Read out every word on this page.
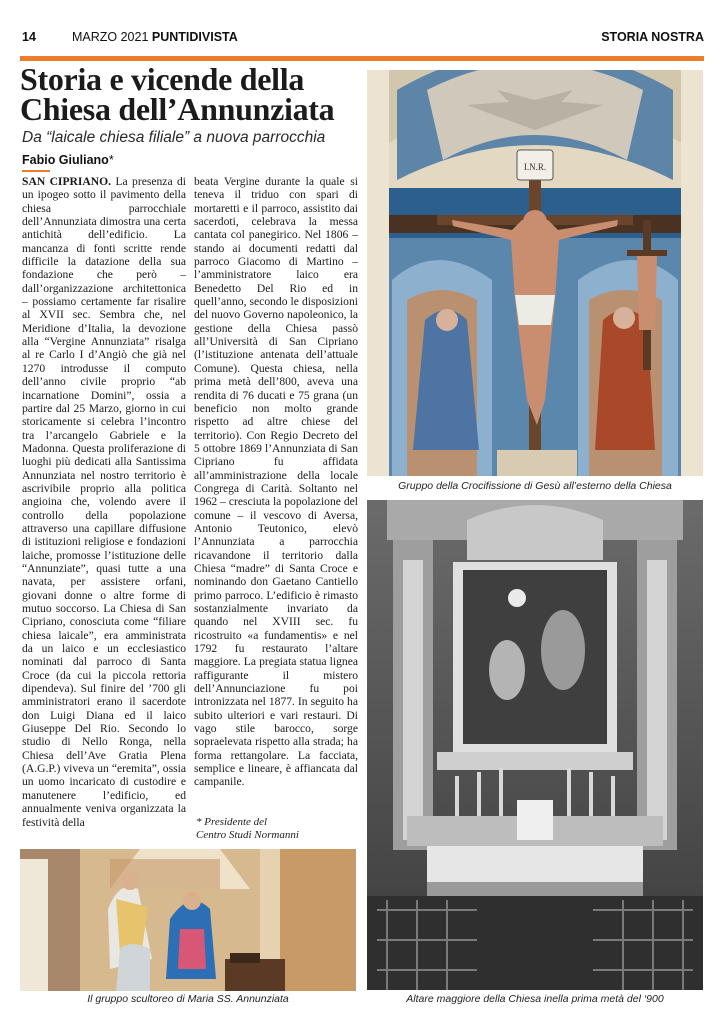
14	MARZO 2021 PUNTIDIVISTA	STORIA NOSTRA
Storia e vicende della
Chiesa dell’Annunziata
Da “laicale chiesa filiale” a nuova parrocchia
Fabio Giuliano*

SAN CIPRIANO. La presenza di un ipogeo sotto il pavimento della chiesa parrocchiale dell’Annunziata dimostra una certa antichità dell’edificio. La mancanza di fonti scritte rende difficile la datazione della sua fondazione che però – dall’organizzazione architettonica – possiamo certamente far risalire al XVII sec. Sembra che, nel Meridione d’Italia, la devozione alla “Vergine Annunziata” risalga al re Carlo I d’Angiò che già nel 1270 introdusse il computo dell’anno civile proprio “ab incarnatione Domini”, ossia a partire dal 25 Marzo, giorno in cui storicamente si celebra l’incontro tra l’arcangelo Gabriele e la Madonna. Questa proliferazione di luoghi più dedicati alla Santissima Annunziata nel nostro territorio è ascrivibile proprio alla politica angioina che, volendo avere il controllo della popolazione attraverso una capillare diffusione di istituzioni religiose e fondazioni laiche, promosse l’istituzione delle “Annunziate”, quasi tutte a una navata, per assistere orfani, giovani donne o altre forme di mutuo soccorso. La Chiesa di San Cipriano, conosciuta come “filiare chiesa laicale”, era amministrata da un laico e un ecclesiastico nominati dal parroco di Santa Croce (da cui la piccola rettoria dipendeva). Sul finire del ’700 gli amministratori erano il sacerdote don Luigi Diana ed il laico Giuseppe Del Rio. Secondo lo studio di Nello Ronga, nella Chiesa dell’Ave Gratia Plena (A.G.P.) viveva un “eremita”, ossia un uomo incaricato di custodire e manutenere l’edificio, ed annualmente veniva organizzata la festività della

beata Vergine durante la quale si teneva il triduo con spari di mortaretti e il parroco, assistito dai sacerdoti, celebrava la messa cantata col panegirico. Nel 1806 – stando ai documenti redatti dal parroco Giacomo di Martino – l’amministratore laico era Benedetto Del Rio ed in quell’anno, secondo le disposizioni del nuovo Governo napoleonico, la gestione della Chiesa passò all’Università di San Cipriano (l’istituzione antenata dell’attuale Comune). Questa chiesa, nella prima metà dell’800, aveva una rendita di 76 ducati e 75 grana (un beneficio non molto grande rispetto ad altre chiese del territorio). Con Regio Decreto del 5 ottobre 1869 l’Annunziata di San Cipriano fu affidata all’amministrazione della locale Congrega di Carità. Soltanto nel 1962 – cresciuta la popolazione del comune – il vescovo di Aversa, Antonio Teutonico, elevò l’Annunziata a parrocchia ricavandone il territorio dalla Chiesa “madre” di Santa Croce e nominando don Gaetano Cantiello primo parroco. L’edificio è rimasto sostanzialmente invariato da quando nel XVIII sec. fu ricostruito «a fundamentis» e nel 1792 fu restaurato l’altare maggiore. La pregiata statua lignea raffigurante il mistero dell’Annunciazione fu poi intronizzata nel 1877. In seguito ha subito ulteriori e vari restauri. Di vago stile barocco, sorge sopraelevata rispetto alla strada; ha forma rettangolare. La facciata, semplice e lineare, è affiancata dal campanile.

* Presidente del
Centro Studi Normanni
I.N.R.
Gruppo della Crocifissione di Gesù all’esterno della Chiesa
Altare maggiore della Chiesa inella prima metà del ‘900
Il gruppo scultoreo di Maria SS. Annunziata
